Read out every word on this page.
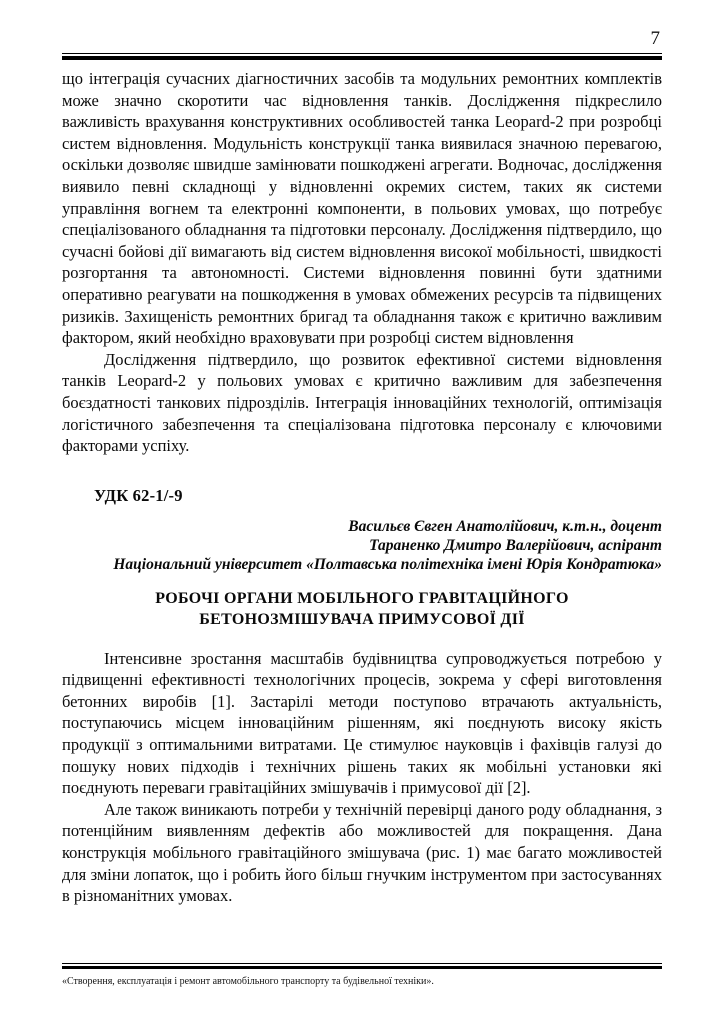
7

що інтеграція сучасних діагностичних засобів та модульних ремонтних комплектів може значно скоротити час відновлення танків. Дослідження підкреслило важливість врахування конструктивних особливостей танка Leopard-2 при розробці систем відновлення. Модульність конструкції танка виявилася значною перевагою, оскільки дозволяє швидше замінювати пошкоджені агрегати. Водночас, дослідження виявило певні складнощі у відновленні окремих систем, таких як системи управління вогнем та електронні компоненти, в польових умовах, що потребує спеціалізованого обладнання та підготовки персоналу. Дослідження підтвердило, що сучасні бойові дії вимагають від систем відновлення високої мобільності, швидкості розгортання та автономності. Системи відновлення повинні бути здатними оперативно реагувати на пошкодження в умовах обмежених ресурсів та підвищених ризиків. Захищеність ремонтних бригад та обладнання також є критично важливим фактором, який необхідно враховувати при розробці систем відновлення

Дослідження підтвердило, що розвиток ефективної системи відновлення танків Leopard-2 у польових умовах є критично важливим для забезпечення боєздатності танкових підрозділів. Інтеграція інноваційних технологій, оптимізація логістичного забезпечення та спеціалізована підготовка персоналу є ключовими факторами успіху.

УДК 62-1/-9
Васильєв Євген Анатолійович, к.т.н., доцент
Тараненко Дмитро Валерійович, аспірант
Національний університет «Полтавська політехніка імені Юрія Кондратюка»
РОБОЧІ ОРГАНИ МОБІЛЬНОГО ГРАВІТАЦІЙНОГО
БЕТОНОЗМІШУВАЧА ПРИМУСОВОЇ ДІЇ

Інтенсивне зростання масштабів будівництва супроводжується потребою у підвищенні ефективності технологічних процесів, зокрема у сфері виготовлення бетонних виробів [1]. Застарілі методи поступово втрачають актуальність, поступаючись місцем інноваційним рішенням, які поєднують високу якість продукції з оптимальними витратами. Це стимулює науковців і фахівців галузі до пошуку нових підходів і технічних рішень таких як мобільні установки які поєднують переваги гравітаційних змішувачів і примусової дії [2].

Але також виникають потреби у технічній перевірці даного роду обладнання, з потенційним виявленням дефектів або можливостей для покращення. Дана конструкція мобільного гравітаційного змішувача (рис. 1) має багато можливостей для зміни лопаток, що і робить його більш гнучким інструментом при застосуваннях в різноманітних умовах.

«Створення, експлуатація і ремонт автомобільного транспорту та будівельної техніки».
